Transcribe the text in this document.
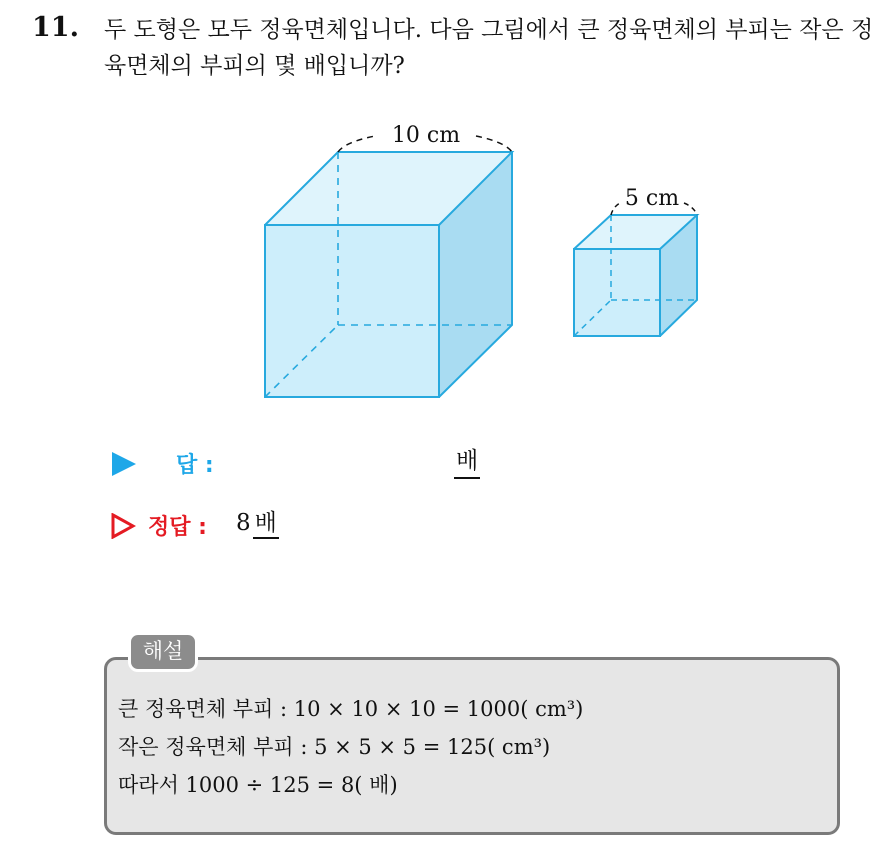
11. 두 도형은 모두 정육면체입니다. 다음 그림에서 큰 정육면체의 부피는 작은 정육면체의 부피의 몇 배입니까?
10 cm
5 cm
답 :	배
정답 : 8 배
해설
큰 정육면체 부피 : 10 × 10 × 10 = 1000( cm³)
작은 정육면체 부피 : 5 × 5 × 5 = 125( cm³)
따라서 1000 ÷ 125 = 8( 배)
